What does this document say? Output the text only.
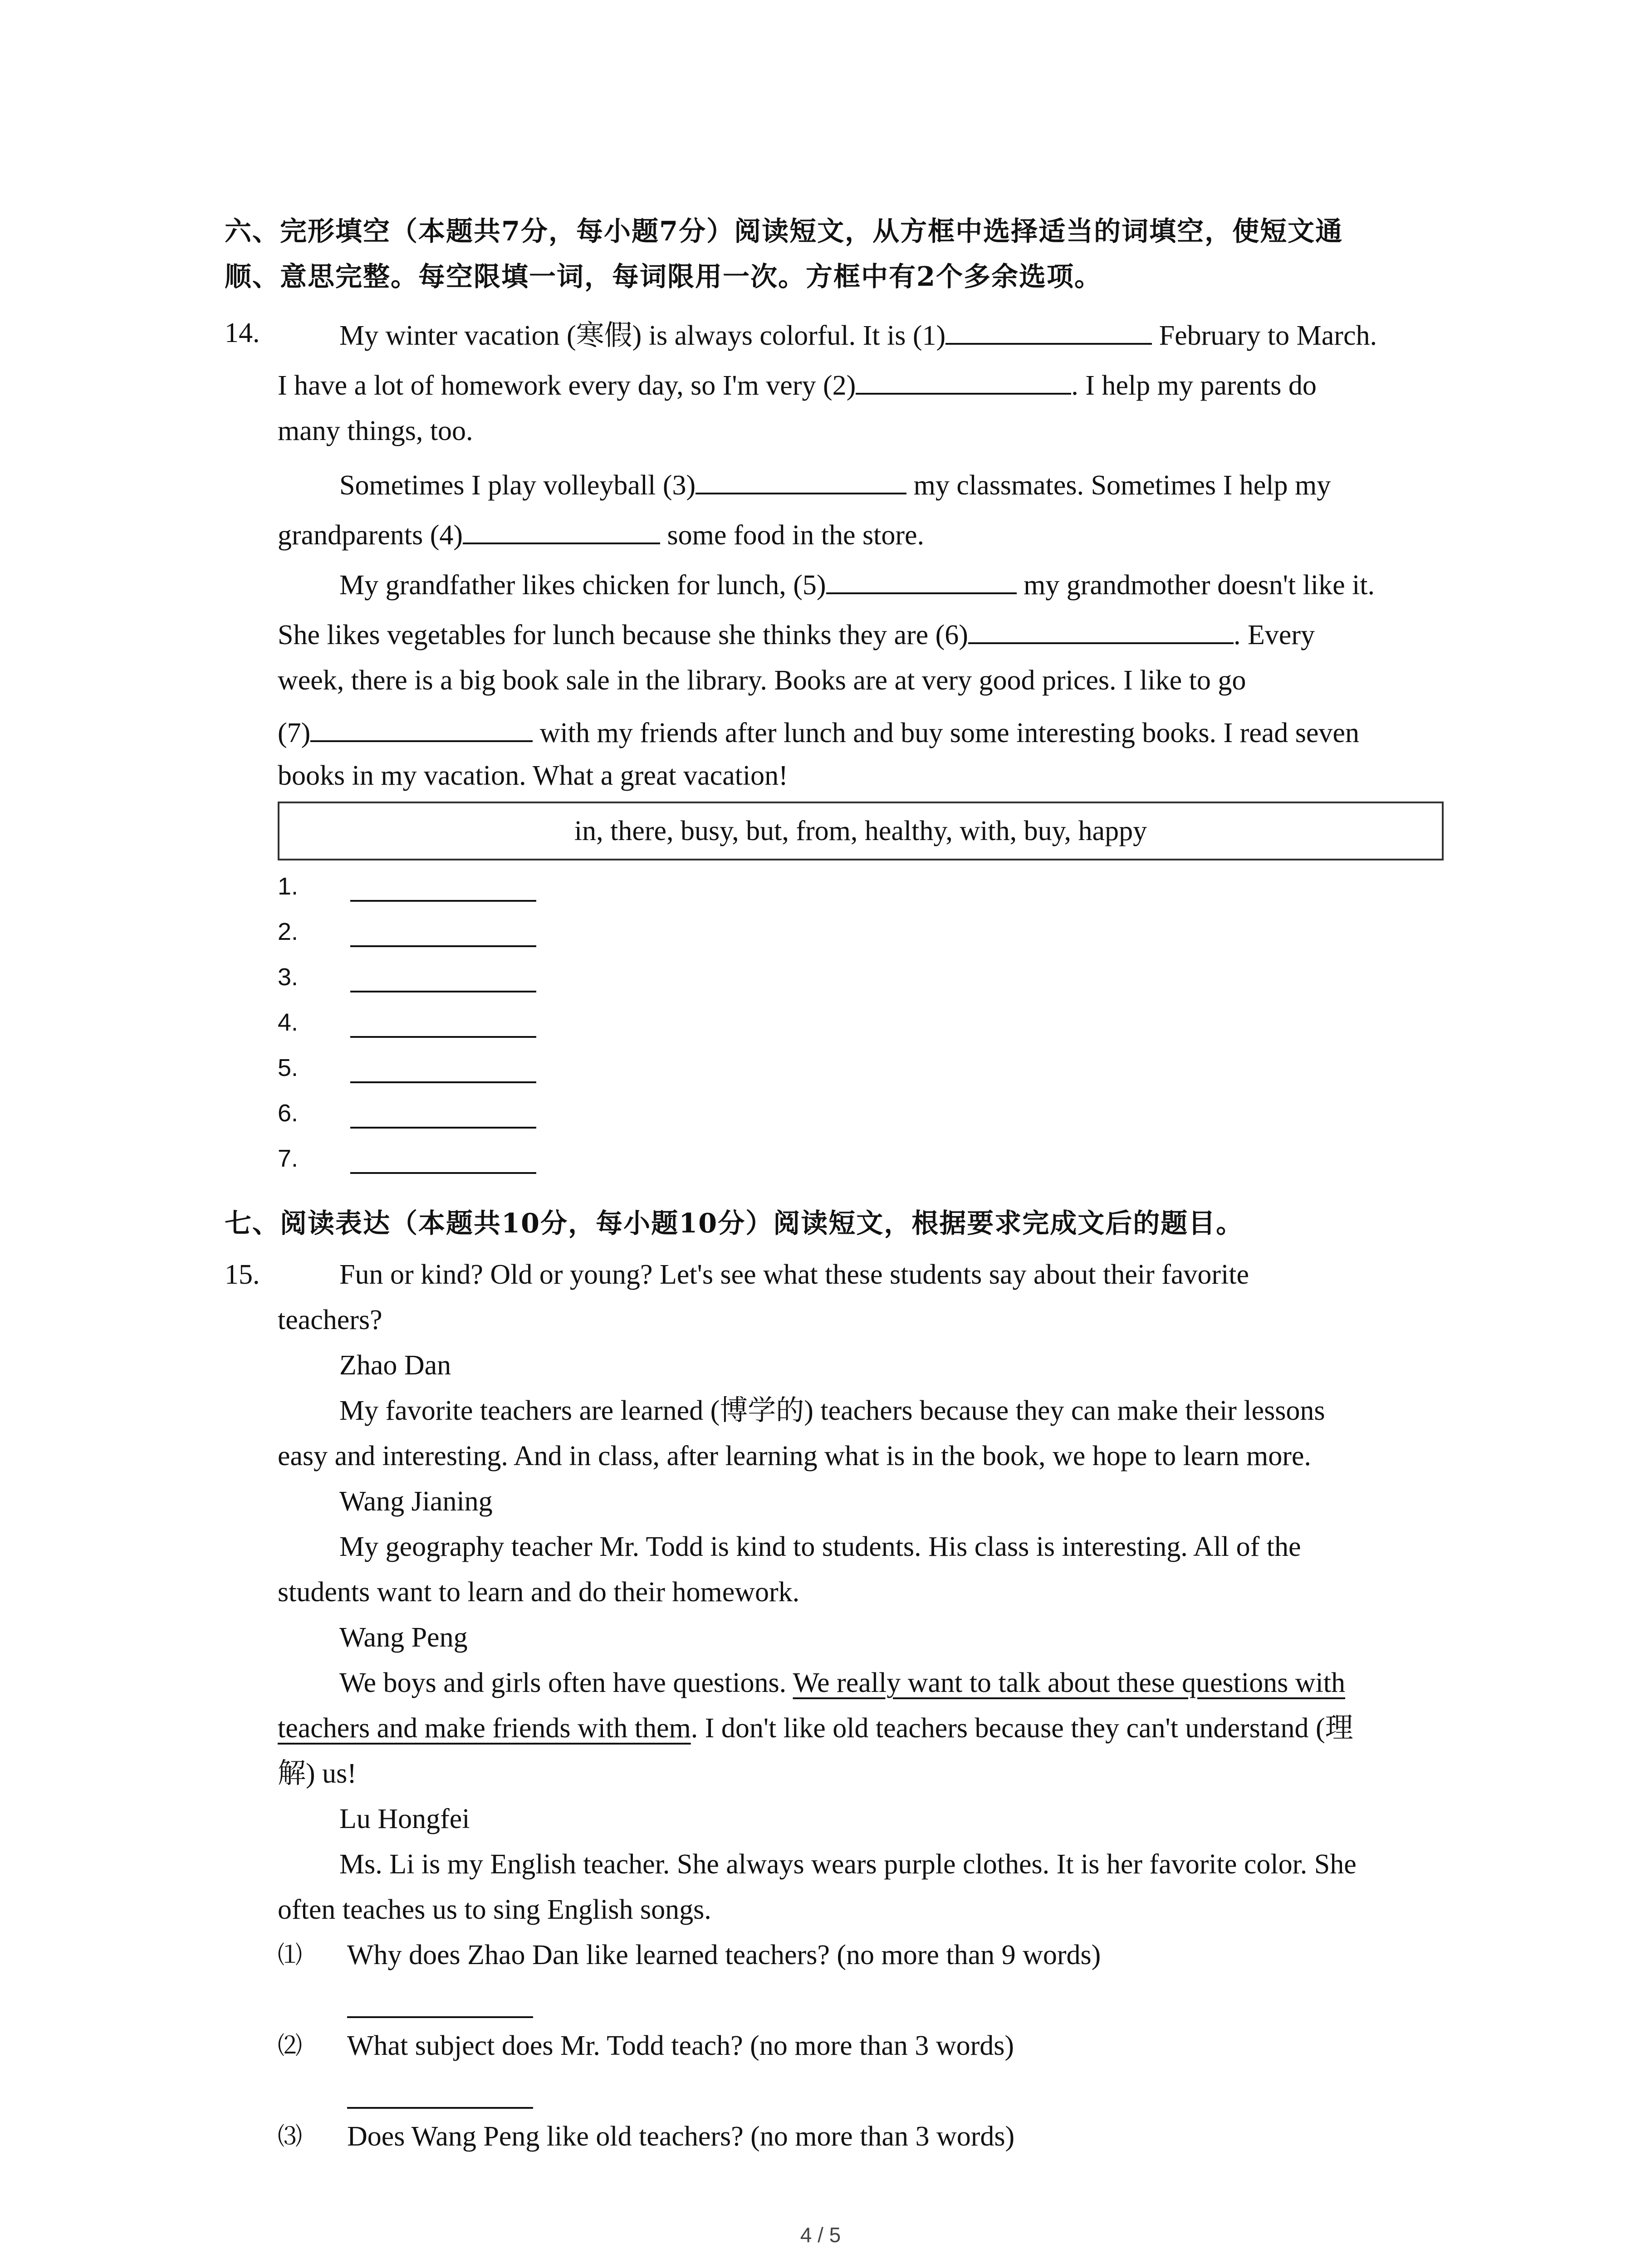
六、完形填空（本题共7分，每小题7分）阅读短文，从方框中选择适当的词填空，使短文通
顺、意思完整。每空限填一词，每词限用一次。方框中有2个多余选项。
14.	My winter vacation (寒假) is always colorful. It is (1)	February to March.
I have a lot of homework every day, so I'm very (2)	. I help my parents do
many things, too.
Sometimes I play volleyball (3)	my classmates. Sometimes I help my
grandparents (4)	some food in the store.
My grandfather likes chicken for lunch, (5)	my grandmother doesn't like it.
She likes vegetables for lunch because she thinks they are (6)	. Every
week, there is a big book sale in the library. Books are at very good prices. I like to go
(7)	with my friends after lunch and buy some interesting books. I read seven
books in my vacation. What a great vacation!
in, there, busy, but, from, healthy, with, buy, happy
1.
2.
3.
4.
5.
6.
7.
七、阅读表达（本题共10分，每小题10分）阅读短文，根据要求完成文后的题目。
15.	Fun or kind? Old or young? Let's see what these students say about their favorite
teachers?
Zhao Dan
My favorite teachers are learned (博学的) teachers because they can make their lessons
easy and interesting. And in class, after learning what is in the book, we hope to learn more.
Wang Jianing
My geography teacher Mr. Todd is kind to students. His class is interesting. All of the
students want to learn and do their homework.
Wang Peng
We boys and girls often have questions. We really want to talk about these questions with
teachers and make friends with them. I don't like old teachers because they can't understand (理
解) us!
Lu Hongfei
Ms. Li is my English teacher. She always wears purple clothes. It is her favorite color. She
often teaches us to sing English songs.
⑴ Why does Zhao Dan like learned teachers? (no more than 9 words)
⑵ What subject does Mr. Todd teach? (no more than 3 words)
⑶ Does Wang Peng like old teachers? (no more than 3 words)
4 / 5
